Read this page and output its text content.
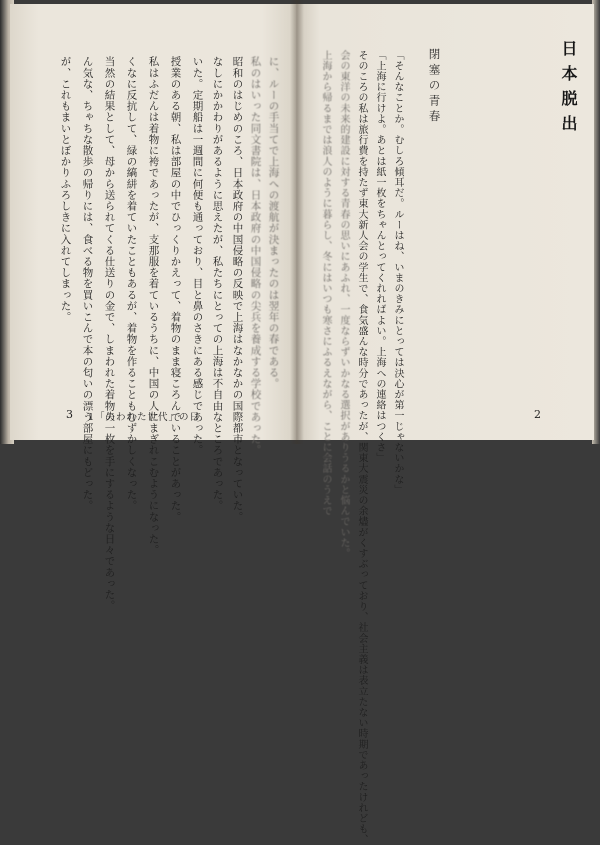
日本脱出
閉塞の青春
「そんなことか。むしろ傾耳だ。ルーはね、いまのきみにとっては決心が第一じゃないかな」
「上海に行けよ。あとは紙一枚をちゃんとってくれればよい。上海への連絡はつくさ」
そのころの私は旅行費を持たず東大新人会の学生で、食気盛んな時分であったが、関東大震災の余燼がくすぶっており、社会主義は表立たない時期であったけれども、
会の東洋の未来的建設に対する青春の思いにあふれ、一度ならずいかなる選択がありうるかと悩んでいた。
上海から帰るまでは浪人のように暮らし、冬にはいつも寒さにふるえながら、ことに会話のうえで	2
に、ルーの手当てで上海への渡航が決まったのは翌年の春である。
私のはいった同文書院は、日本政府の中国侵略の尖兵を養成する学校であった。
昭和のはじめのころ、日本政府の中国侵略の反映で上海はなかなかの国際都市となっていた。
なしにかかわりがあるように思えたが、私たちにとっての上海は不自由なところであった。
いた。定期船は一週間に何便も通っており、目と鼻のさきにある感じであった。
授業のある朝、私は部屋の中でひっくりかえって、着物のまま寝ころんでいることがあった。
私はふだんは着物に袴であったが、支那服を着ているうちに、中国の人にまぎれこむようになった。
くなに反抗して、緑の縞絣を着ていたこともあるが、着物を作ることもむずかしくなった。
当然の結果として、母から送られてくる仕送りの金で、しまわれた着物の一枚を手にするような日々であった。
ん気な、ちゃちな散歩の帰りには、食べる物を買いこんで本の匂いの漂う部屋にもどった。
が、これもまいとぼかりふろしきに入れてしまった。
3 1「失われた世代」の日
